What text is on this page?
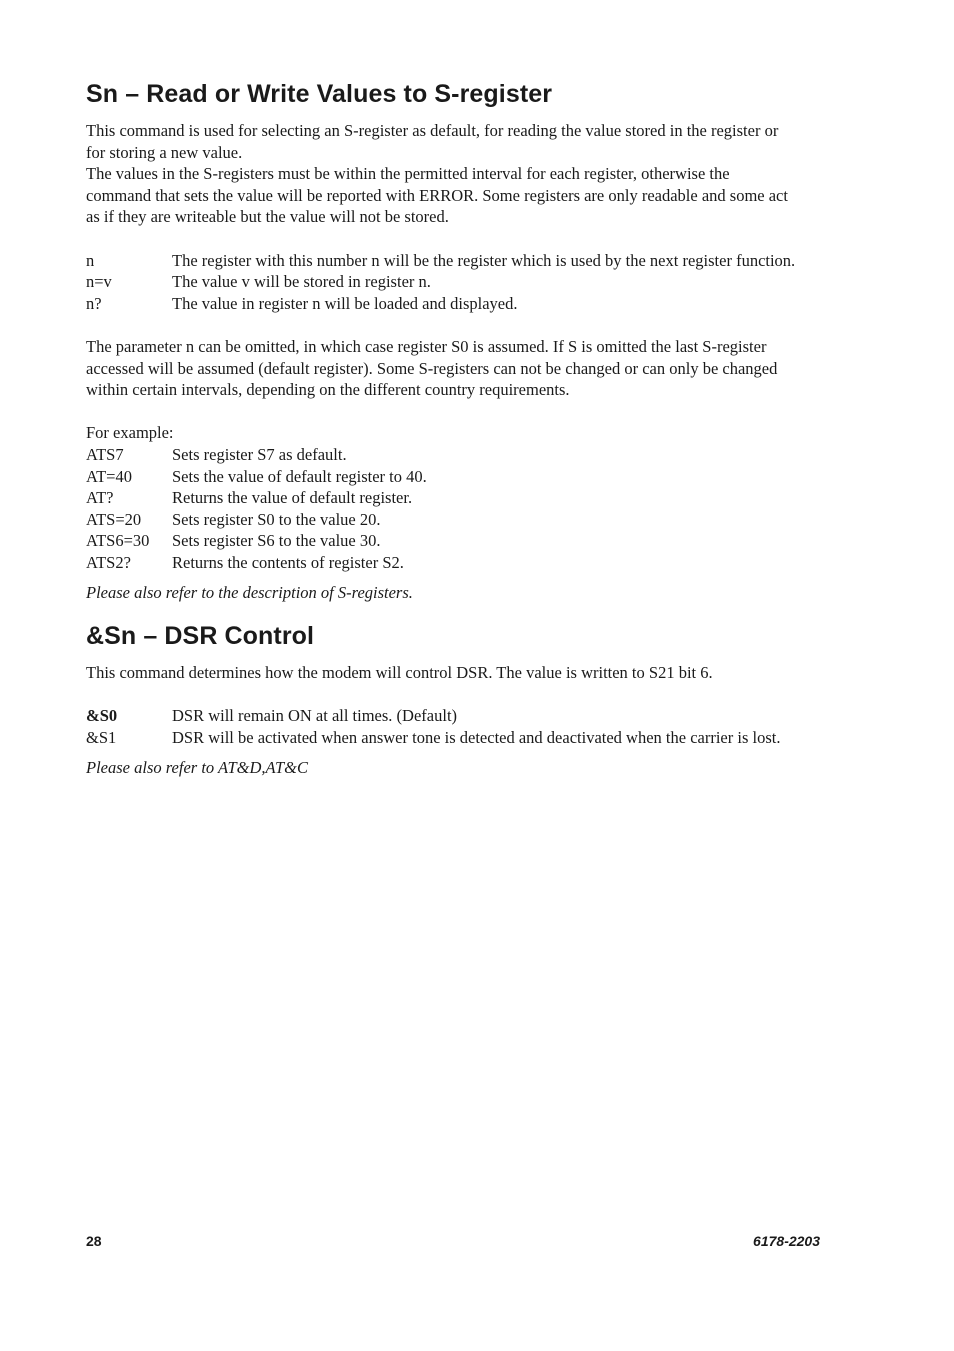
Sn – Read or Write Values to S-register

This command is used for selecting an S-register as default, for reading the value stored in the register or for storing a new value.

The values in the S-registers must be within the permitted interval for each register, otherwise the command that sets the value will be reported with ERROR. Some registers are only readable and some act as if they are writeable but the value will not be stored.

n	The register with this number n will be the register which is used by the next register function.
n=v	The value v will be stored in register n.
n?	The value in register n will be loaded and displayed.

The parameter n can be omitted, in which case register S0 is assumed. If S is omitted the last S-register accessed will be assumed (default register). Some S-registers can not be changed or can only be changed within certain intervals, depending on the different country requirements.

For example:

ATS7	Sets register S7 as default.
AT=40	Sets the value of default register to 40.
AT?	Returns the value of default register.
ATS=20	Sets register S0 to the value 20.
ATS6=30	Sets register S6 to the value 30.
ATS2?	Returns the contents of register S2.

Please also refer to the description of S-registers.

&Sn – DSR Control

This command determines how the modem will control DSR. The value is written to S21 bit 6.

&S0	DSR will remain ON at all times. (Default)
&S1	DSR will be activated when answer tone is detected and deactivated when the carrier is lost.

Please also refer to AT&D,AT&C

28	6178-2203
